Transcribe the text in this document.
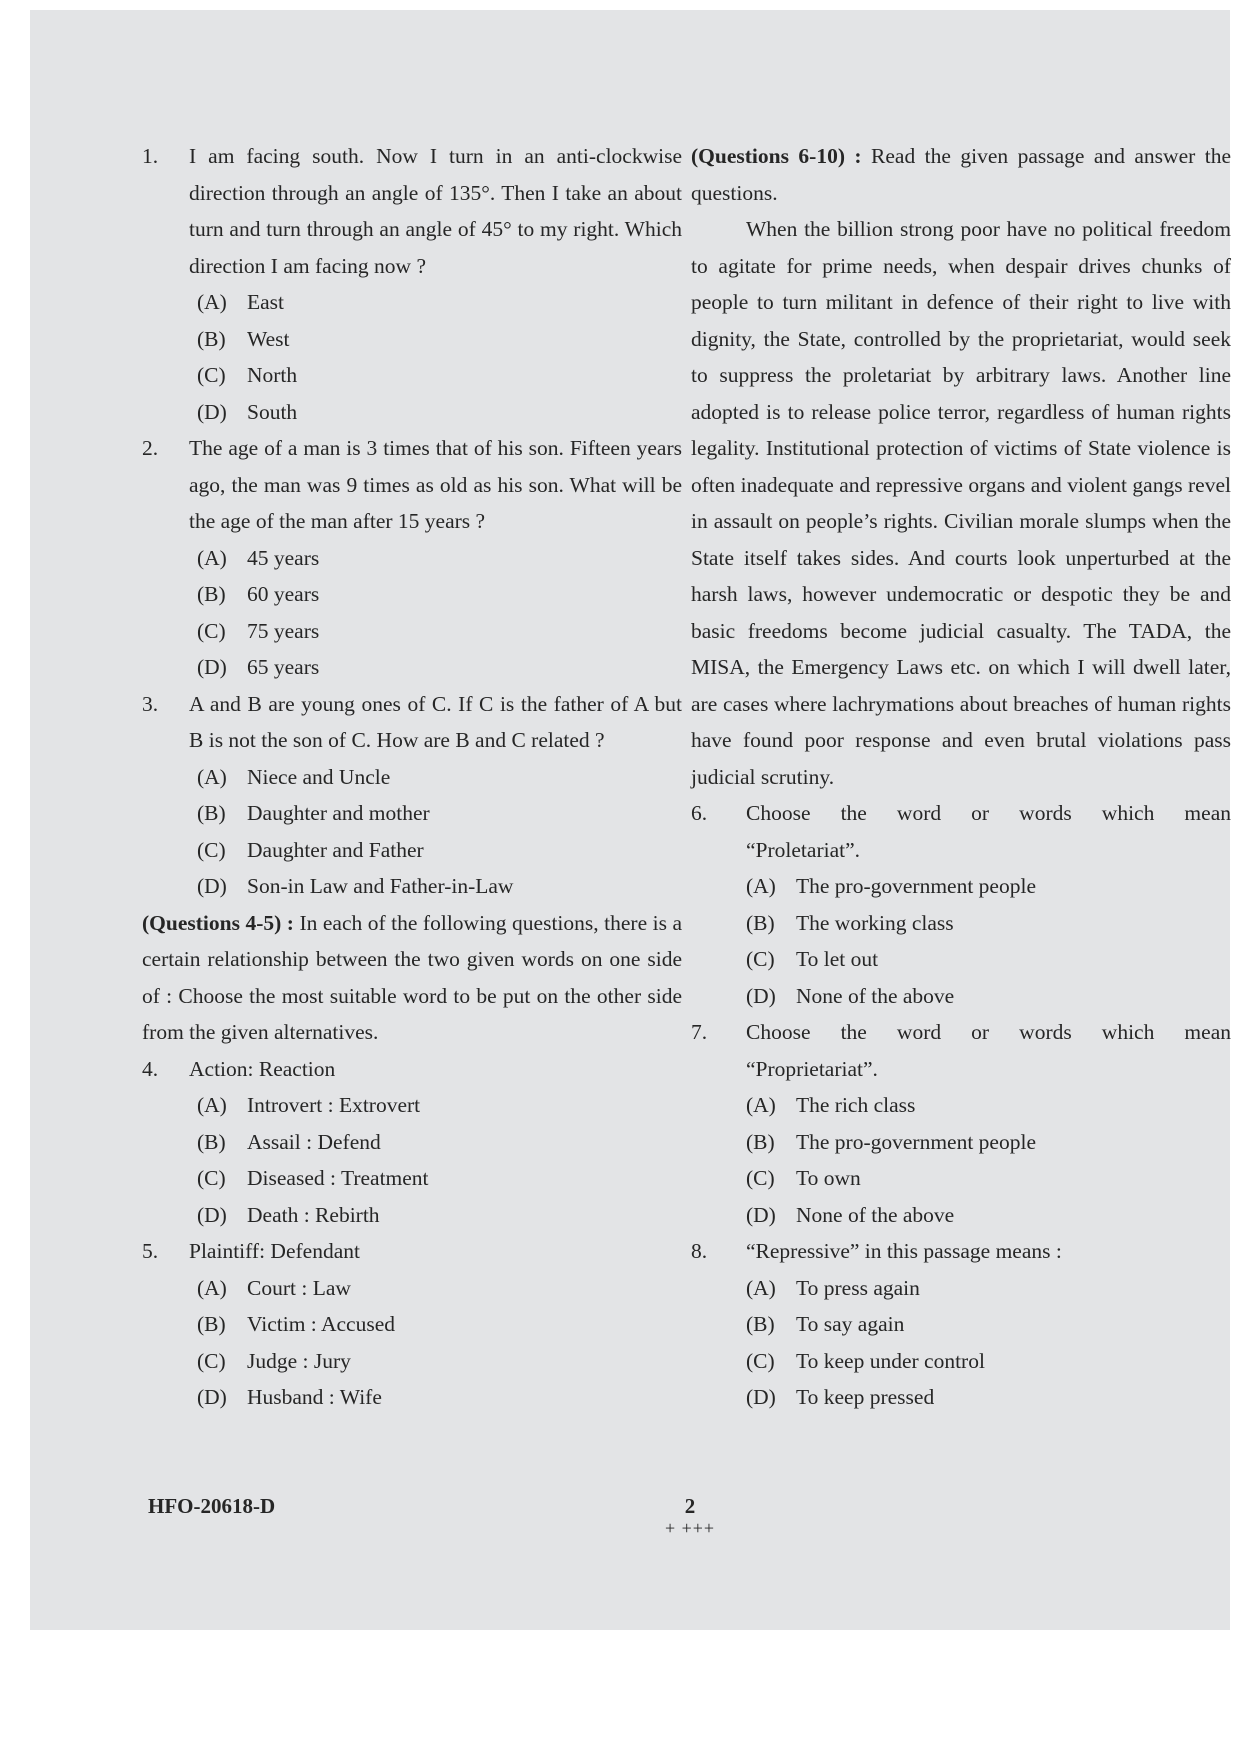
1.	I am facing south. Now I turn in an anti-clockwise direction through an angle of 135°. Then I take an about turn and turn through an angle of 45° to my right. Which direction I am facing now ?
(A) East
(B) West
(C) North
(D) South
2.	The age of a man is 3 times that of his son. Fifteen years ago, the man was 9 times as old as his son. What will be the age of the man after 15 years ?
(A) 45 years
(B) 60 years
(C) 75 years
(D) 65 years
3.	A and B are young ones of C. If C is the father of A but B is not the son of C. How are B and C related ?
(A) Niece and Uncle
(B) Daughter and mother
(C) Daughter and Father
(D) Son-in Law and Father-in-Law
(Questions 4-5) : In each of the following questions, there is a certain relationship between the two given words on one side of : Choose the most suitable word to be put on the other side from the given alternatives.
4.	Action: Reaction
(A) Introvert : Extrovert
(B) Assail : Defend
(C) Diseased : Treatment
(D) Death : Rebirth
5.	Plaintiff: Defendant
(A) Court : Law
(B) Victim : Accused
(C) Judge : Jury
(D) Husband : Wife
(Questions 6-10) : Read the given passage and answer the questions.
When the billion strong poor have no political freedom to agitate for prime needs, when despair drives chunks of people to turn militant in defence of their right to live with dignity, the State, controlled by the proprietariat, would seek to suppress the proletariat by arbitrary laws. Another line adopted is to release police terror, regardless of human rights legality. Institutional protection of victims of State violence is often inadequate and repressive organs and violent gangs revel in assault on people’s rights. Civilian morale slumps when the State itself takes sides. And courts look unperturbed at the harsh laws, however undemocratic or despotic they be and basic freedoms become judicial casualty. The TADA, the MISA, the Emergency Laws etc. on which I will dwell later, are cases where lachrymations about breaches of human rights have found poor response and even brutal violations pass judicial scrutiny.
6.	Choose the word or words which mean
“Proletariat”.
(A) The pro-government people
(B) The working class
(C) To let out
(D) None of the above
7.	Choose the word or words which mean
“Proprietariat”.
(A) The rich class
(B) The pro-government people
(C) To own
(D) None of the above
8.	“Repressive” in this passage means :
(A) To press again
(B) To say again
(C) To keep under control
(D) To keep pressed
HFO-20618-D	2
+ +++
